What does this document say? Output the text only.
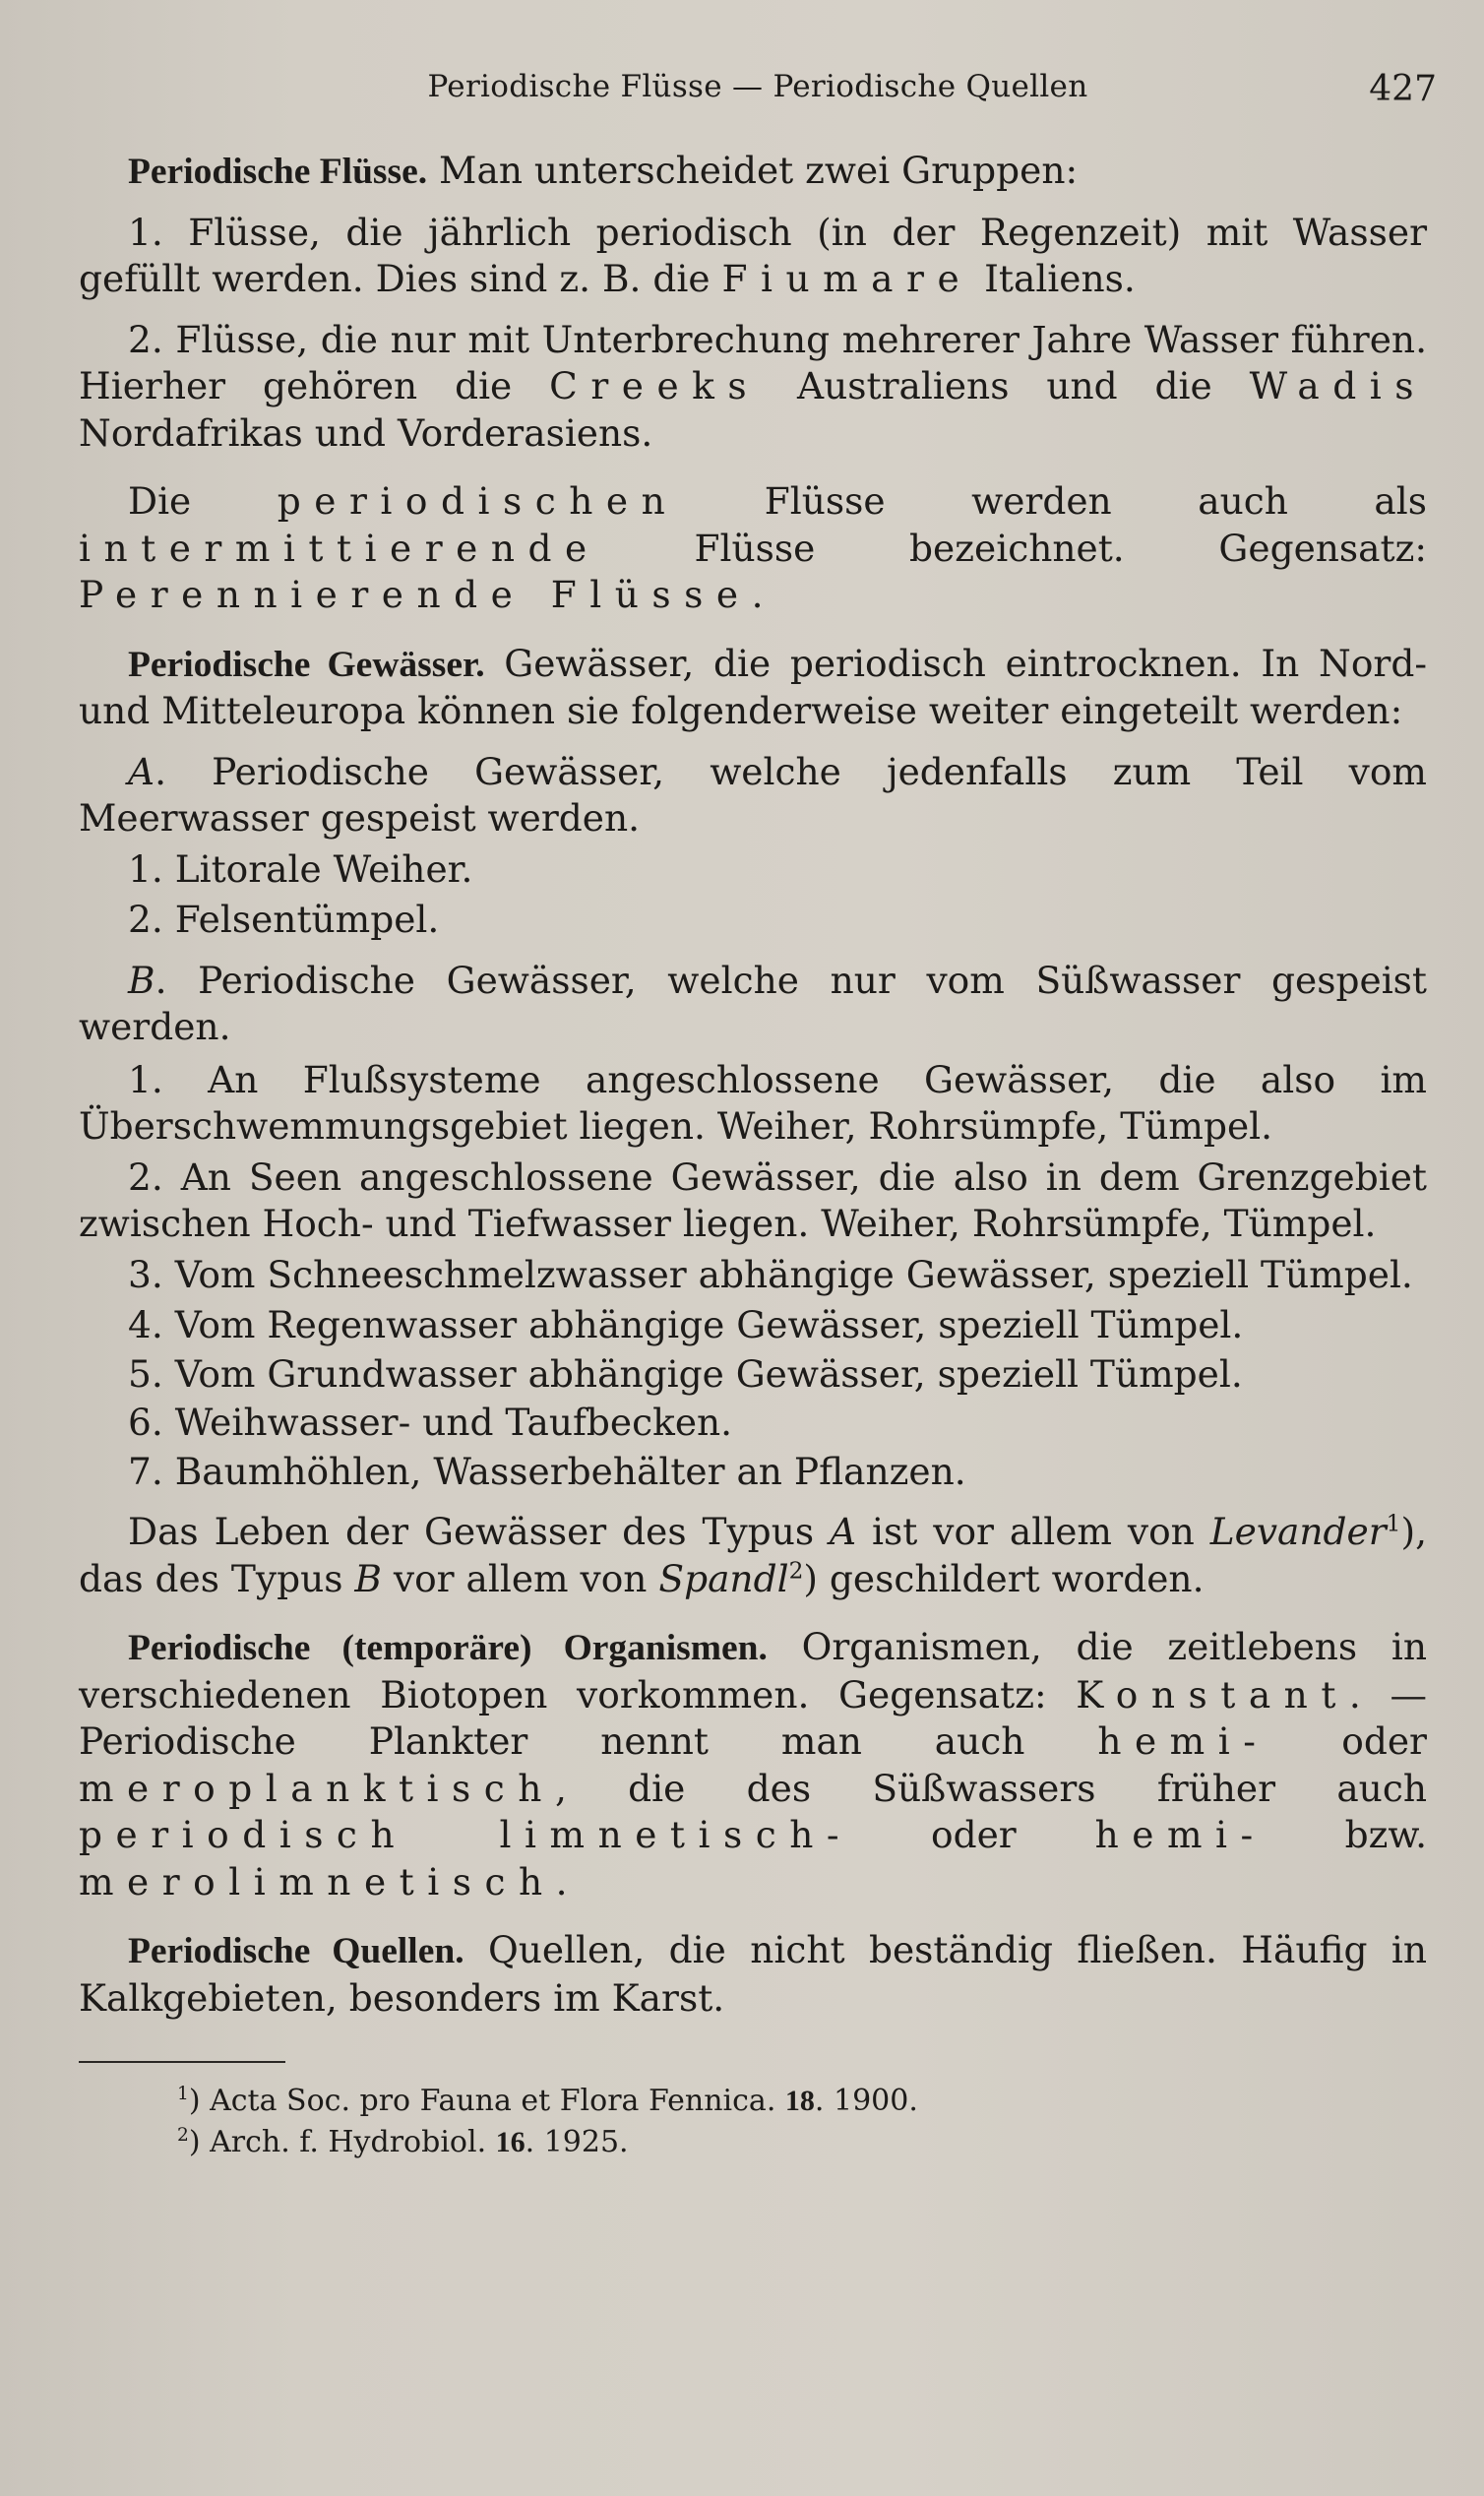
Periodische Flüsse — Periodische Quellen	427

Periodische Flüsse. Man unterscheidet zwei Gruppen:

1. Flüsse, die jährlich periodisch (in der Regenzeit) mit Wasser gefüllt werden. Dies sind z. B. die Fiumare Italiens.

2. Flüsse, die nur mit Unterbrechung mehrerer Jahre Wasser führen. Hierher gehören die Creeks Australiens und die Wadis Nordafrikas und Vorderasiens.

Die periodischen Flüsse werden auch als intermittierende Flüsse bezeichnet. Gegensatz: Perennierende Flüsse.

Periodische Gewässer. Gewässer, die periodisch eintrocknen. In Nord- und Mitteleuropa können sie folgenderweise weiter eingeteilt werden:

A. Periodische Gewässer, welche jedenfalls zum Teil vom Meerwasser gespeist werden.

1. Litorale Weiher.

2. Felsentümpel.

B. Periodische Gewässer, welche nur vom Süßwasser gespeist werden.

1. An Flußsysteme angeschlossene Gewässer, die also im Überschwemmungsgebiet liegen. Weiher, Rohrsümpfe, Tümpel.

2. An Seen angeschlossene Gewässer, die also in dem Grenzgebiet zwischen Hoch- und Tiefwasser liegen. Weiher, Rohrsümpfe, Tümpel.

3. Vom Schneeschmelzwasser abhängige Gewässer, speziell Tümpel.

4. Vom Regenwasser abhängige Gewässer, speziell Tümpel.

5. Vom Grundwasser abhängige Gewässer, speziell Tümpel.

6. Weihwasser- und Taufbecken.

7. Baumhöhlen, Wasserbehälter an Pflanzen.

Das Leben der Gewässer des Typus A ist vor allem von Levander$^1$), das des Typus B vor allem von Spandl$^2$) geschildert worden.

Periodische (temporäre) Organismen. Organismen, die zeitlebens in verschiedenen Biotopen vorkommen. Gegensatz: Konstant. — Periodische Plankter nennt man auch hemi- oder meroplanktisch, die des Süßwassers früher auch periodisch limnetisch- oder hemi- bzw. merolimnetisch.

Periodische Quellen. Quellen, die nicht beständig fließen. Häufig in Kalkgebieten, besonders im Karst.

$^1$) Acta Soc. pro Fauna et Flora Fennica. 18. 1900.
$^2$) Arch. f. Hydrobiol. 16. 1925.
